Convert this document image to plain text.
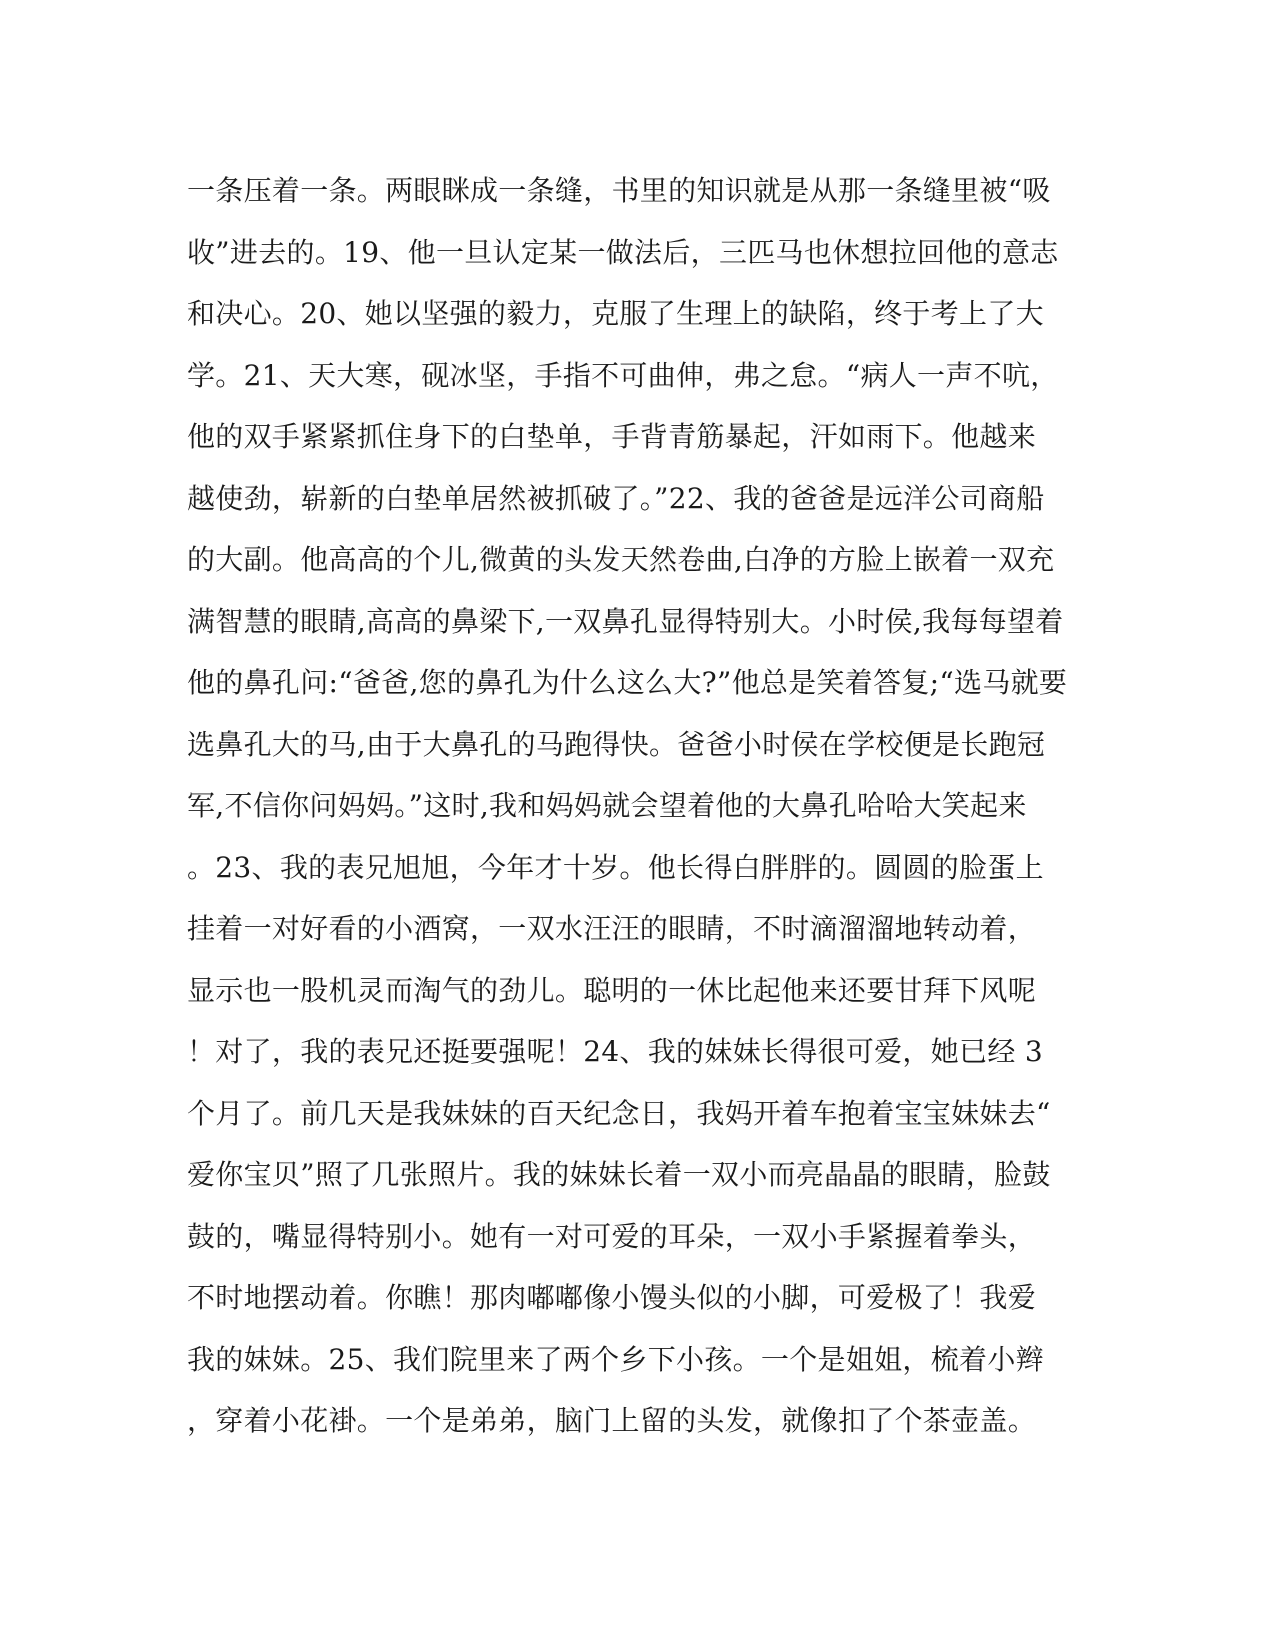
一条压着一条。两眼眯成一条缝，书里的知识就是从那一条缝里被“吸
收”进去的。19、他一旦认定某一做法后，三匹马也休想拉回他的意志
和决心。20、她以坚强的毅力，克服了生理上的缺陷，终于考上了大
学。21、天大寒，砚冰坚，手指不可曲伸，弗之怠。“病人一声不吭，
他的双手紧紧抓住身下的白垫单，手背青筋暴起，汗如雨下。他越来
越使劲，崭新的白垫单居然被抓破了。”22、我的爸爸是远洋公司商船
的大副。他高高的个儿,微黄的头发天然卷曲,白净的方脸上嵌着一双充
满智慧的眼睛,高高的鼻梁下,一双鼻孔显得特别大。小时侯,我每每望着
他的鼻孔问:“爸爸,您的鼻孔为什么这么大?”他总是笑着答复;“选马就要
选鼻孔大的马,由于大鼻孔的马跑得快。爸爸小时侯在学校便是长跑冠
军,不信你问妈妈。”这时,我和妈妈就会望着他的大鼻孔哈哈大笑起来
。23、我的表兄旭旭，今年才十岁。他长得白胖胖的。圆圆的脸蛋上
挂着一对好看的小酒窝，一双水汪汪的眼睛，不时滴溜溜地转动着，
显示也一股机灵而淘气的劲儿。聪明的一休比起他来还要甘拜下风呢
！对了，我的表兄还挺要强呢！24、我的妹妹长得很可爱，她已经 3
个月了。前几天是我妹妹的百天纪念日，我妈开着车抱着宝宝妹妹去“
爱你宝贝”照了几张照片。我的妹妹长着一双小而亮晶晶的眼睛，脸鼓
鼓的，嘴显得特别小。她有一对可爱的耳朵，一双小手紧握着拳头，
不时地摆动着。你瞧！那肉嘟嘟像小馒头似的小脚，可爱极了！我爱
我的妹妹。25、我们院里来了两个乡下小孩。一个是姐姐，梳着小辫
，穿着小花褂。一个是弟弟，脑门上留的头发，就像扣了个茶壶盖。
